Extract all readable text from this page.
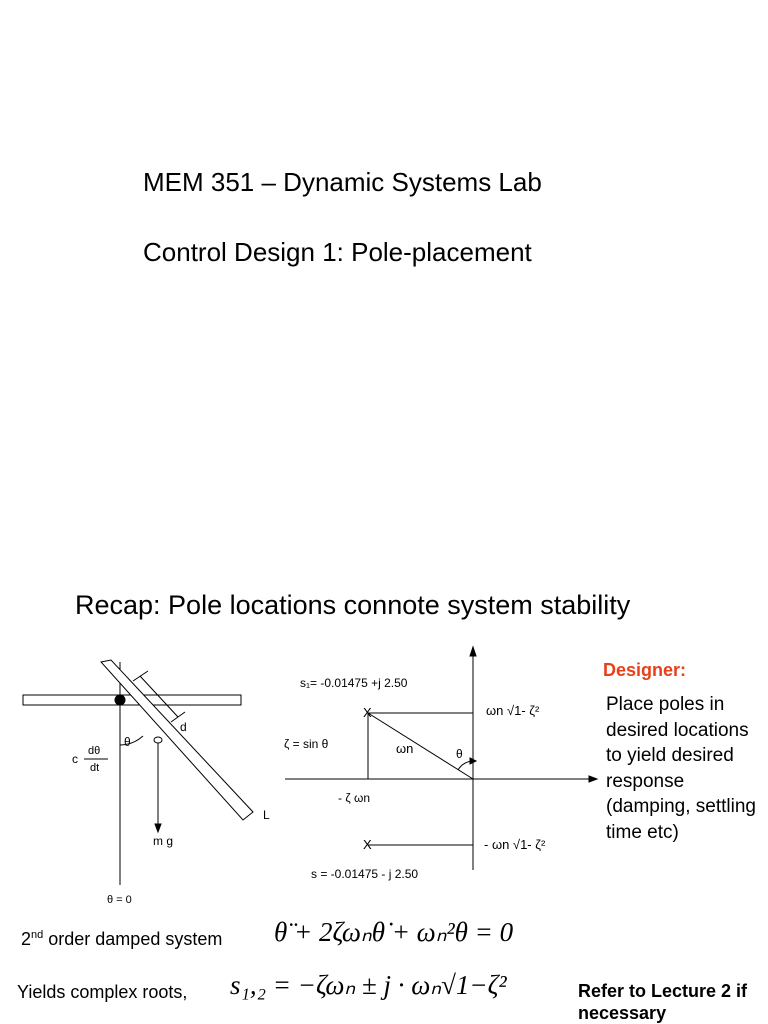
MEM 351 – Dynamic Systems Lab
Control Design 1: Pole-placement
Recap: Pole locations connote system stability
d
θ
c
dθ
dt
L
m g
θ = 0
s₁= -0.01475 +j 2.50
s = -0.01475 - j 2.50
ζ = sin θ	ωn	θ
- ζ ωn
ωn √1- ζ²
- ωn √1- ζ²
X
X
Designer:
Place poles in desired locations to yield desired response (damping, settling time etc)
2nd order damped system θ̈ + 2ζωₙθ̇ + ωₙ²θ = 0
Yields complex roots, s₁,₂ = −ζωₙ ± j · ωₙ√1−ζ²	Refer to Lecture 2 if necessary
